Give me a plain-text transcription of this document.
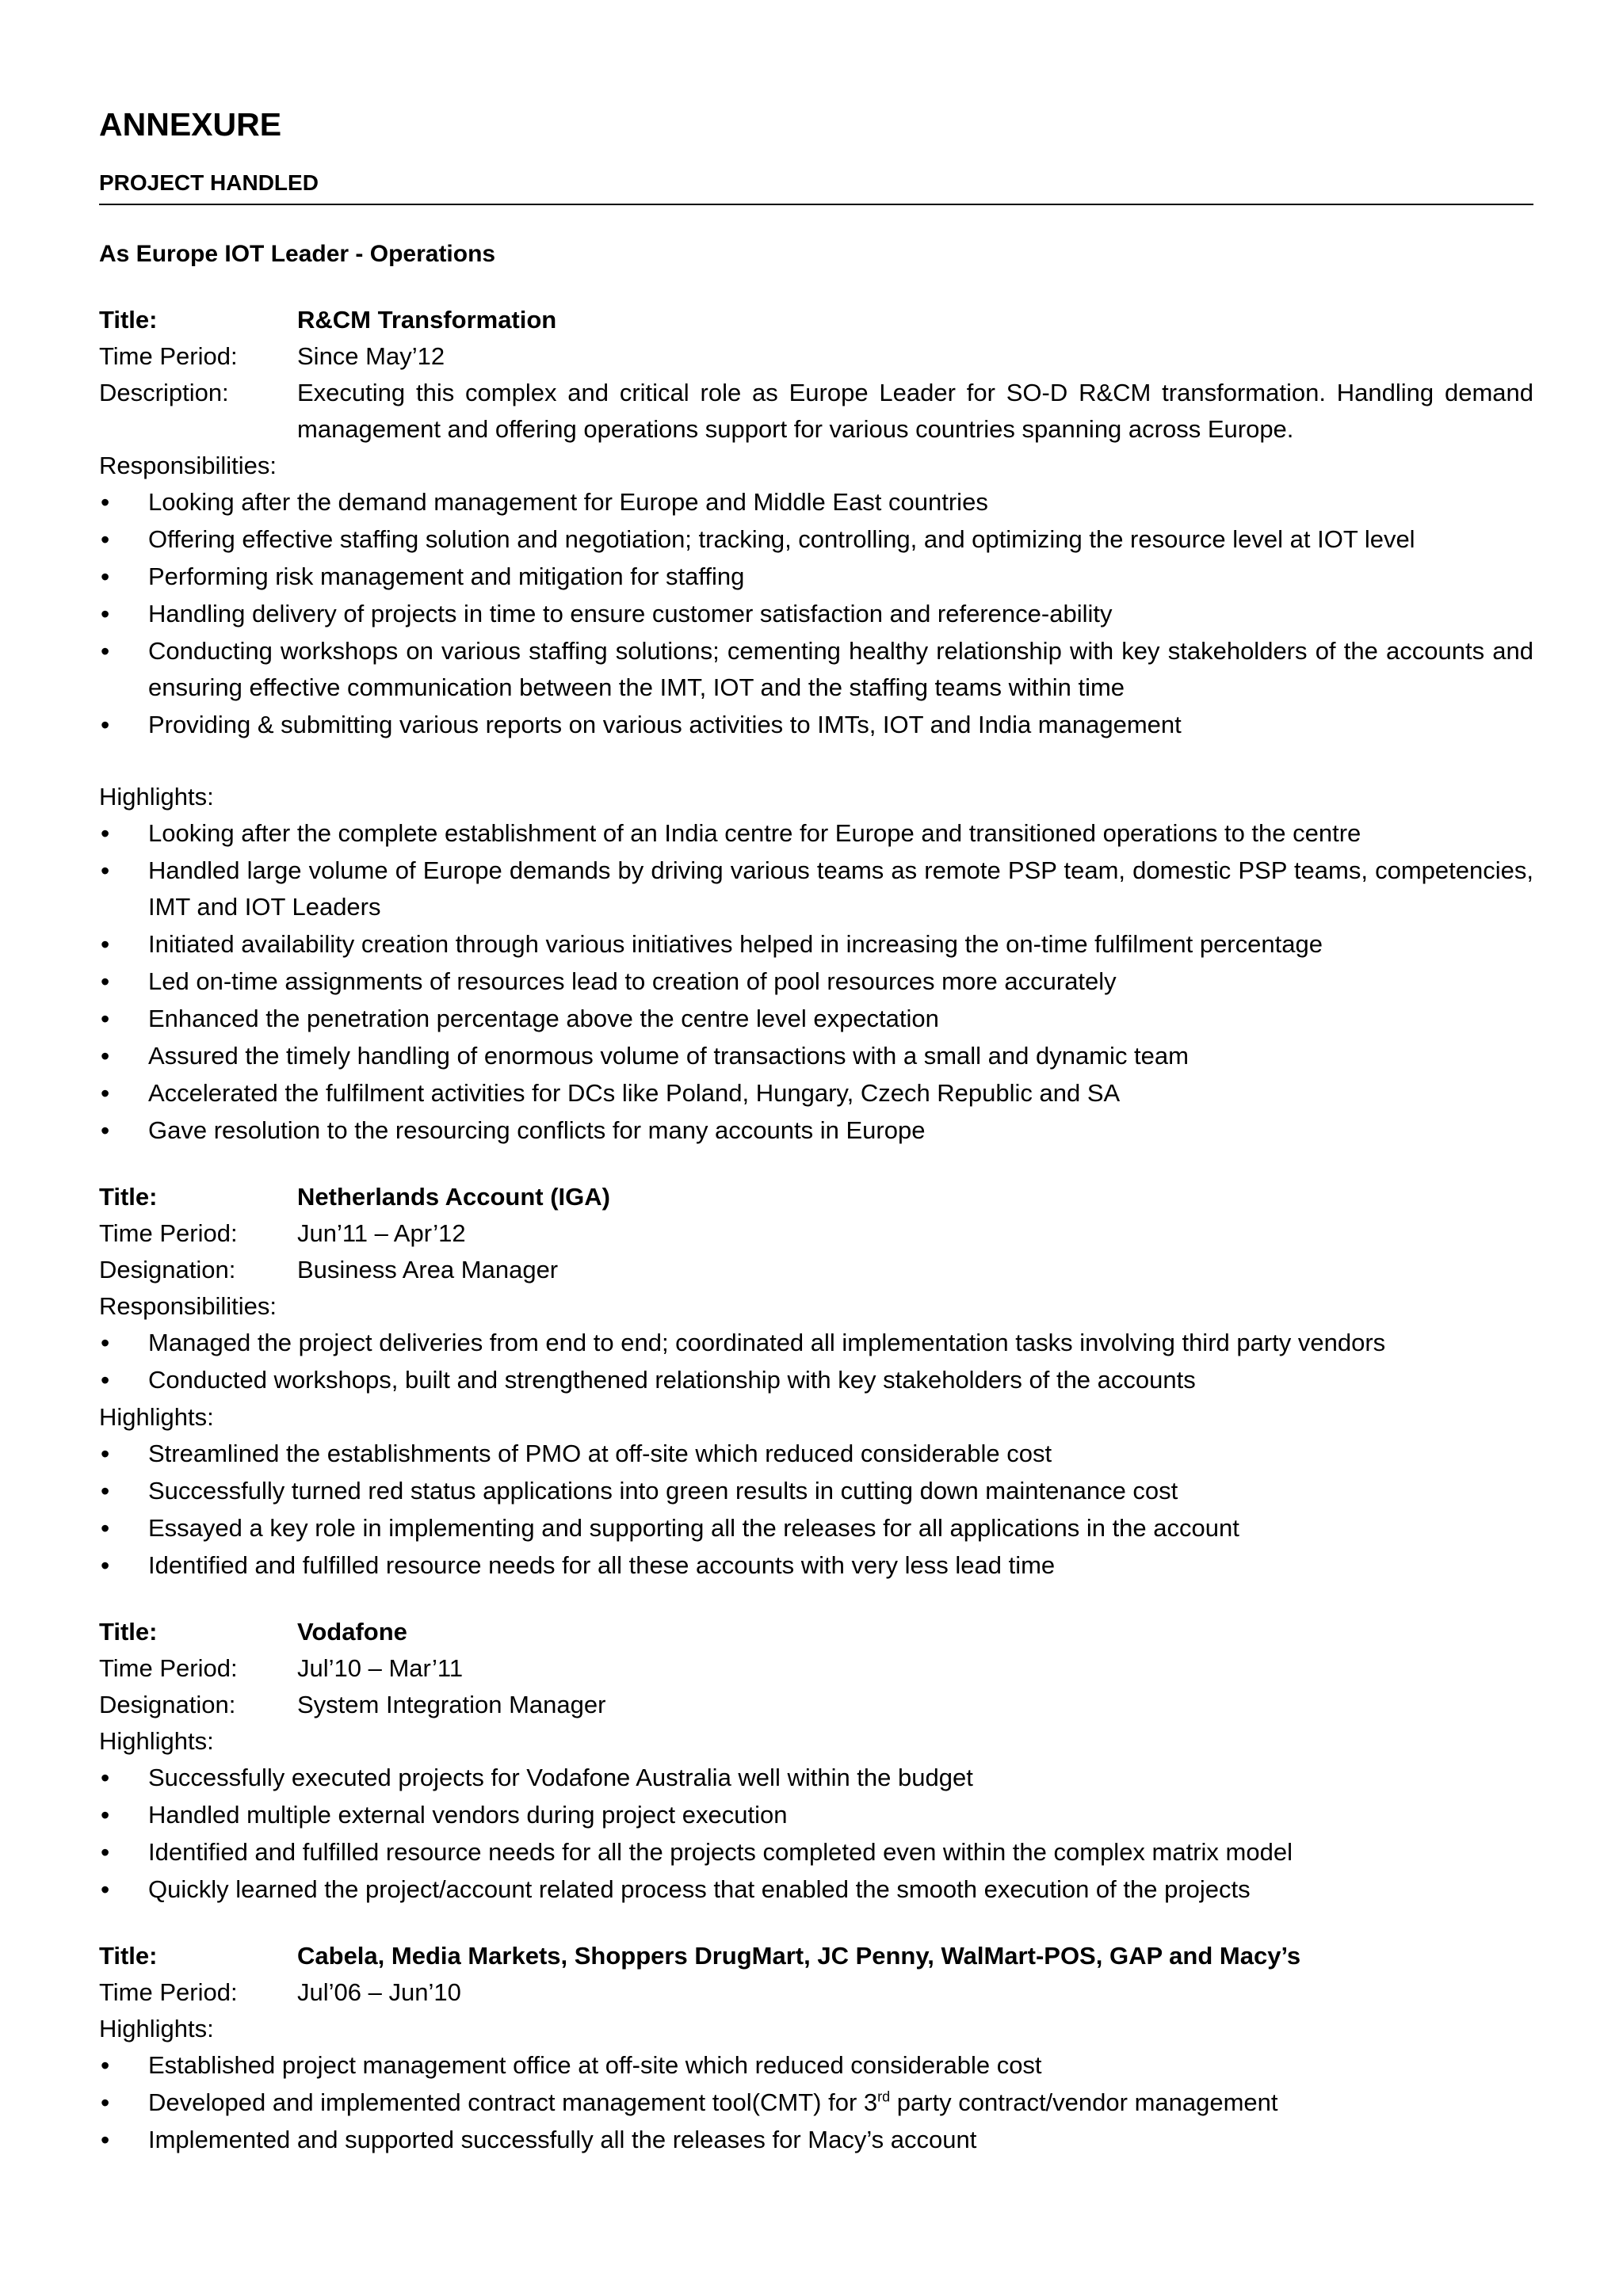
ANNEXURE
PROJECT HANDLED
As Europe IOT Leader - Operations
Title:	R&CM Transformation
Time Period:	Since May’12
Description:	Executing this complex and critical role as Europe Leader for SO-D R&CM transformation. Handling demand management and offering operations support for various countries spanning across Europe.
Responsibilities:
• Looking after the demand management for Europe and Middle East countries
• Offering effective staffing solution and negotiation; tracking, controlling, and optimizing the resource level at IOT level
• Performing risk management and mitigation for staffing
• Handling delivery of projects in time to ensure customer satisfaction and reference-ability
• Conducting workshops on various staffing solutions; cementing healthy relationship with key stakeholders of the accounts and ensuring effective communication between the IMT, IOT and the staffing teams within time
• Providing & submitting various reports on various activities to IMTs, IOT and India management
Highlights:
• Looking after the complete establishment of an India centre for Europe and transitioned operations to the centre
• Handled large volume of Europe demands by driving various teams as remote PSP team, domestic PSP teams, competencies, IMT and IOT Leaders
• Initiated availability creation through various initiatives helped in increasing the on-time fulfilment percentage
• Led on-time assignments of resources lead to creation of pool resources more accurately
• Enhanced the penetration percentage above the centre level expectation
• Assured the timely handling of enormous volume of transactions with a small and dynamic team
• Accelerated the fulfilment activities for DCs like Poland, Hungary, Czech Republic and SA
• Gave resolution to the resourcing conflicts for many accounts in Europe
Title:	Netherlands Account (IGA)
Time Period:	Jun’11 – Apr’12
Designation:	Business Area Manager
Responsibilities:
• Managed the project deliveries from end to end; coordinated all implementation tasks involving third party vendors
• Conducted workshops, built and strengthened relationship with key stakeholders of the accounts
Highlights:
• Streamlined the establishments of PMO at off-site which reduced considerable cost
• Successfully turned red status applications into green results in cutting down maintenance cost
• Essayed a key role in implementing and supporting all the releases for all applications in the account
• Identified and fulfilled resource needs for all these accounts with very less lead time
Title:	Vodafone
Time Period:	Jul’10 – Mar’11
Designation:	System Integration Manager
Highlights:
• Successfully executed projects for Vodafone Australia well within the budget
• Handled multiple external vendors during project execution
• Identified and fulfilled resource needs for all the projects completed even within the complex matrix model
• Quickly learned the project/account related process that enabled the smooth execution of the projects
Title:	Cabela, Media Markets, Shoppers DrugMart, JC Penny, WalMart-POS, GAP and Macy’s
Time Period:	Jul’06 – Jun’10
Highlights:
• Established project management office at off-site which reduced considerable cost
• Developed and implemented contract management tool(CMT) for 3rd party contract/vendor management
• Implemented and supported successfully all the releases for Macy’s account
